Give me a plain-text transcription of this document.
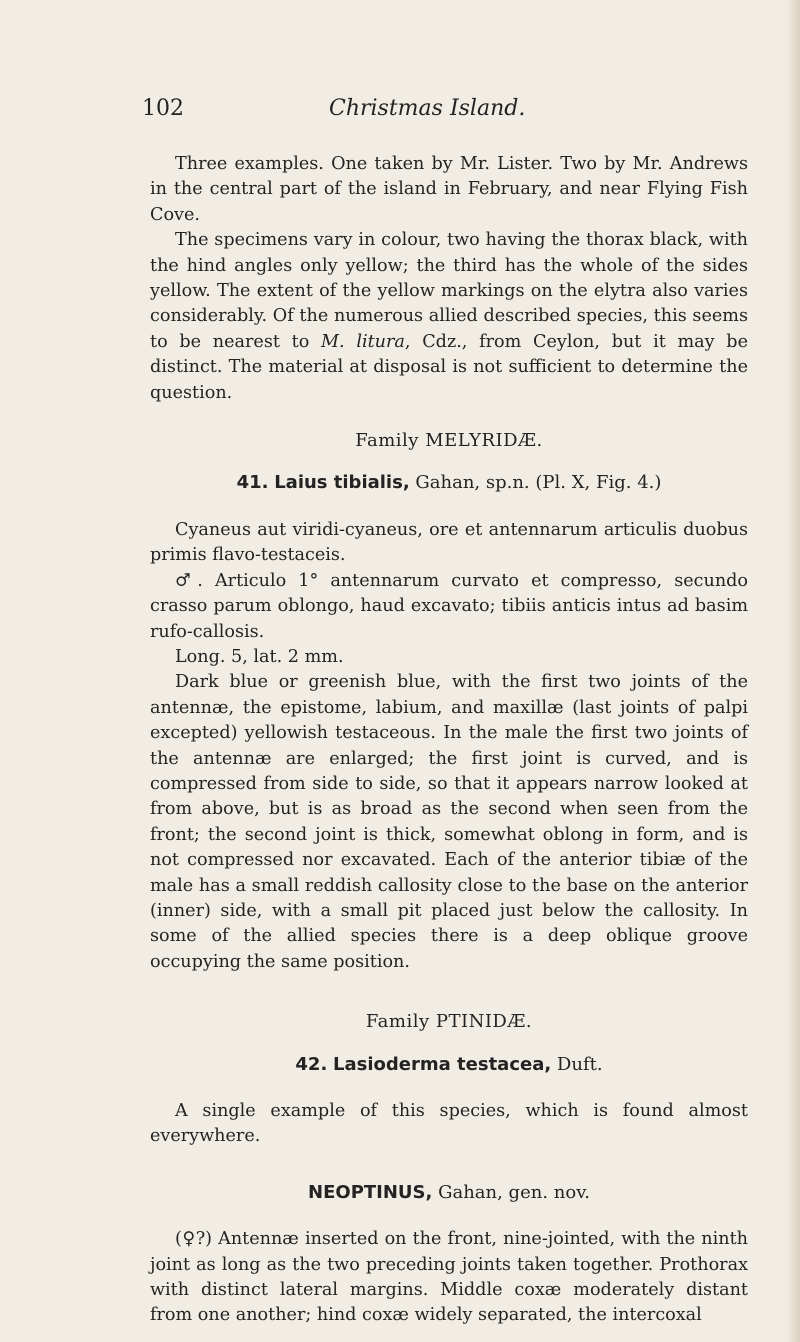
102	Christmas Island.

Three examples. One taken by Mr. Lister. Two by Mr. Andrews in the central part of the island in February, and near Flying Fish Cove.

The specimens vary in colour, two having the thorax black, with the hind angles only yellow; the third has the whole of the sides yellow. The extent of the yellow markings on the elytra also varies considerably. Of the numerous allied described species, this seems to be nearest to M. litura, Cdz., from Ceylon, but it may be distinct. The material at disposal is not sufficient to determine the question.

Family MELYRIDÆ.

41. Laius tibialis, Gahan, sp.n. (Pl. X, Fig. 4.)

Cyaneus aut viridi-cyaneus, ore et antennarum articulis duobus primis flavo-testaceis.

♂. Articulo 1° antennarum curvato et compresso, secundo crasso parum oblongo, haud excavato; tibiis anticis intus ad basim rufo-callosis.

Long. 5, lat. 2 mm.

Dark blue or greenish blue, with the first two joints of the antennæ, the epistome, labium, and maxillæ (last joints of palpi excepted) yellowish testaceous. In the male the first two joints of the antennæ are enlarged; the first joint is curved, and is compressed from side to side, so that it appears narrow looked at from above, but is as broad as the second when seen from the front; the second joint is thick, somewhat oblong in form, and is not compressed nor excavated. Each of the anterior tibiæ of the male has a small reddish callosity close to the base on the anterior (inner) side, with a small pit placed just below the callosity. In some of the allied species there is a deep oblique groove occupying the same position.

Family PTINIDÆ.

42. Lasioderma testacea, Duft.

A single example of this species, which is found almost everywhere.

NEOPTINUS, Gahan, gen. nov.

(♀?) Antennæ inserted on the front, nine-jointed, with the ninth joint as long as the two preceding joints taken together. Prothorax with distinct lateral margins. Middle coxæ moderately distant from one another; hind coxæ widely separated, the intercoxal
